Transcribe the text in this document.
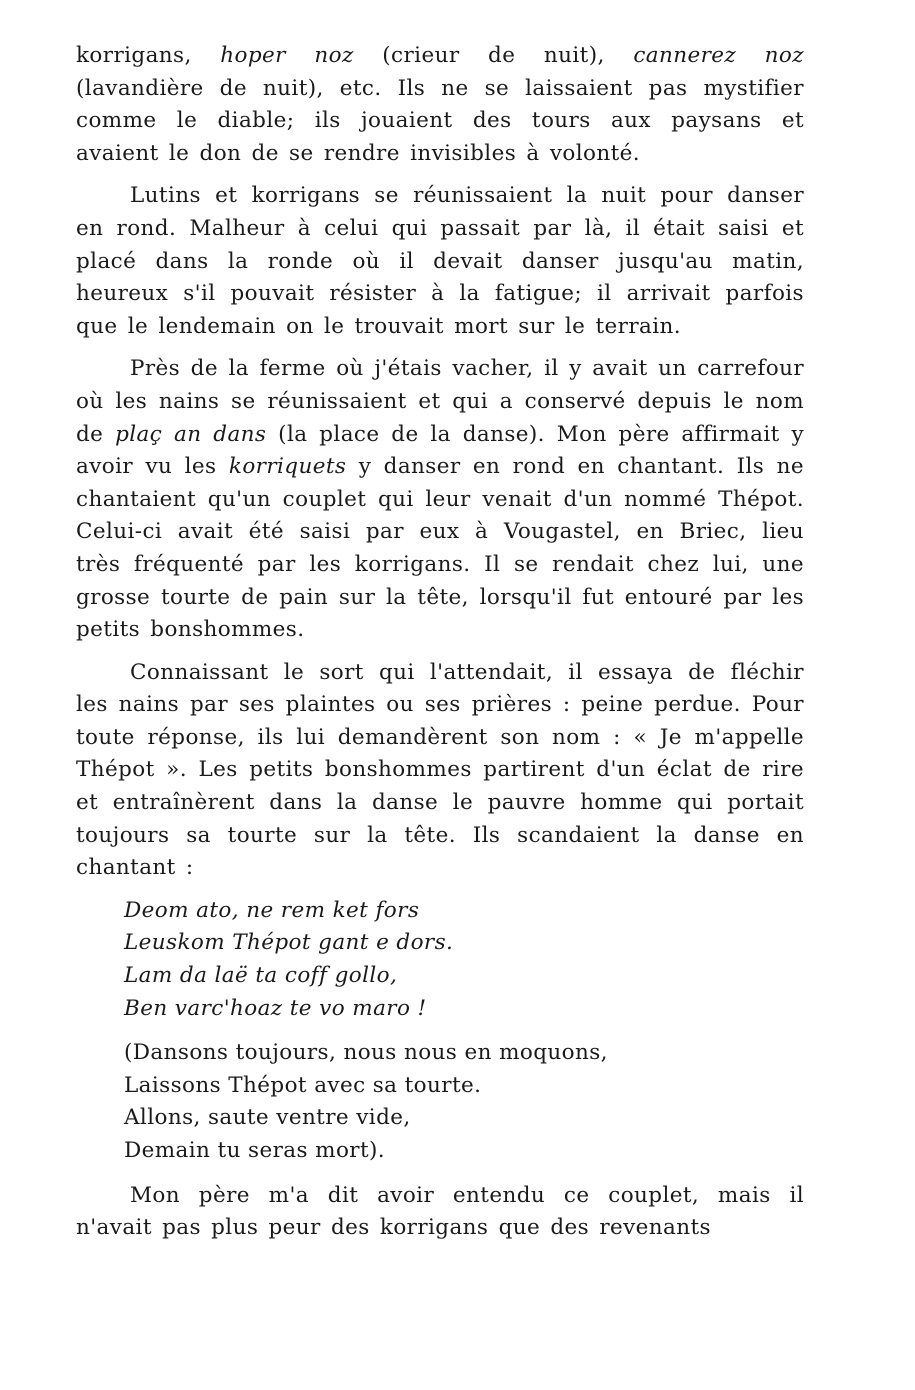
korrigans, hoper noz (crieur de nuit), cannerez noz (lavandière de nuit), etc. Ils ne se laissaient pas mystifier comme le diable; ils jouaient des tours aux paysans et avaient le don de se rendre invisibles à volonté.

Lutins et korrigans se réunissaient la nuit pour danser en rond. Malheur à celui qui passait par là, il était saisi et placé dans la ronde où il devait danser jusqu'au matin, heureux s'il pouvait résister à la fatigue; il arrivait parfois que le lendemain on le trouvait mort sur le terrain.

Près de la ferme où j'étais vacher, il y avait un carrefour où les nains se réunissaient et qui a conservé depuis le nom de plaç an dans (la place de la danse). Mon père affirmait y avoir vu les korriquets y danser en rond en chantant. Ils ne chantaient qu'un couplet qui leur venait d'un nommé Thépot. Celui-ci avait été saisi par eux à Vougastel, en Briec, lieu très fréquenté par les korrigans. Il se rendait chez lui, une grosse tourte de pain sur la tête, lorsqu'il fut entouré par les petits bonshommes.

Connaissant le sort qui l'attendait, il essaya de fléchir les nains par ses plaintes ou ses prières : peine perdue. Pour toute réponse, ils lui demandèrent son nom : « Je m'appelle Thépot ». Les petits bonshommes partirent d'un éclat de rire et entraînèrent dans la danse le pauvre homme qui portait toujours sa tourte sur la tête. Ils scandaient la danse en chantant :

Deom ato, ne rem ket fors
Leuskom Thépot gant e dors.
Lam da laë ta coff gollo,
Ben varc'hoaz te vo maro !
(Dansons toujours, nous nous en moquons,
Laissons Thépot avec sa tourte.
Allons, saute ventre vide,
Demain tu seras mort).

Mon père m'a dit avoir entendu ce couplet, mais il n'avait pas plus peur des korrigans que des revenants
